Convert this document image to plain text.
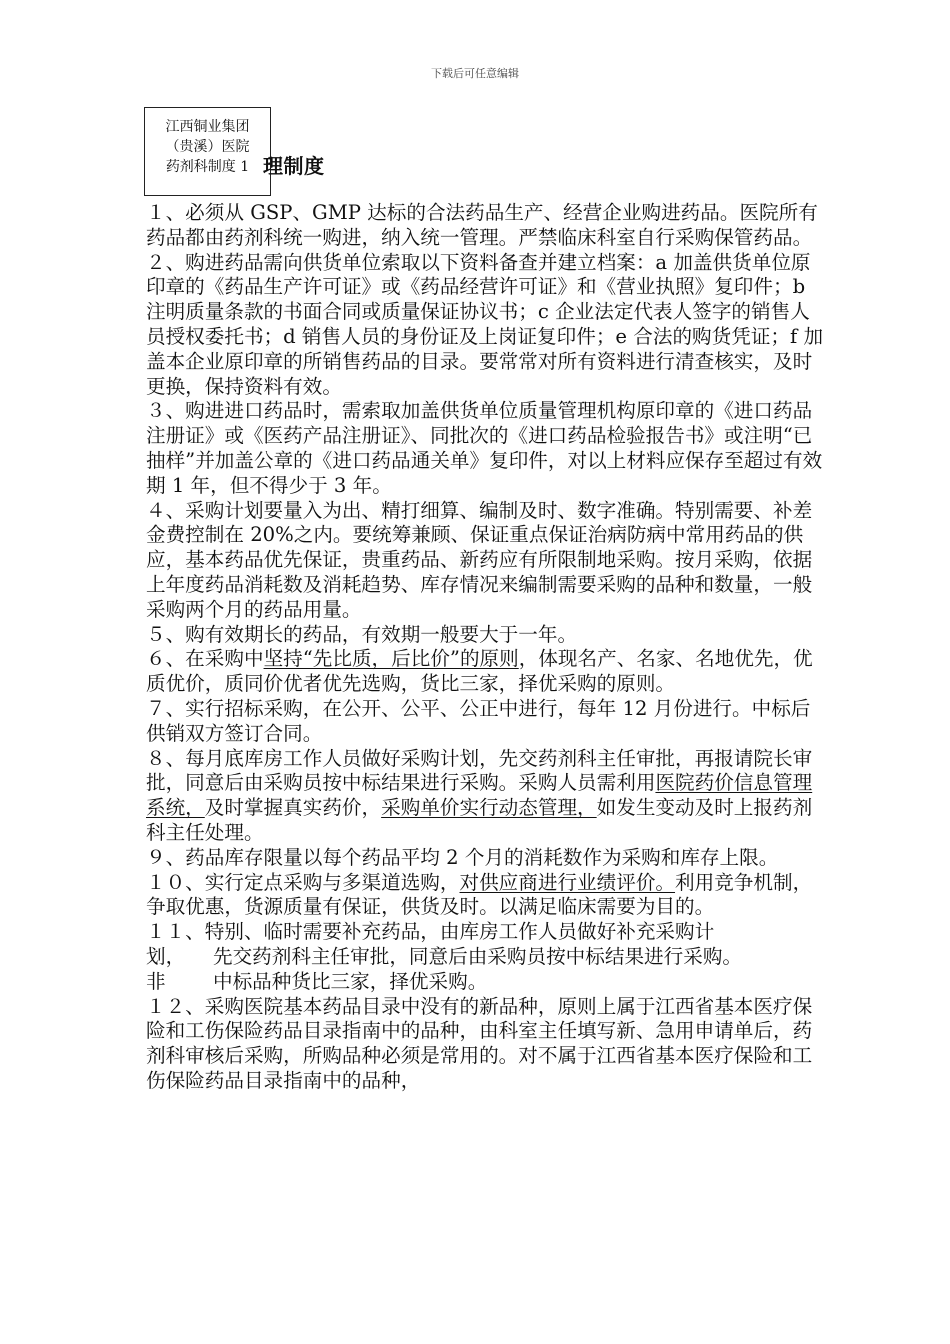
下载后可任意编辑
江西铜业集团
（贵溪）医院
药剂科制度 1 理制度

１、必须从 GSP、GMP 达标的合法药品生产、经营企业购进药品。医院所有药品都由药剂科统一购进，纳入统一管理。严禁临床科室自行采购保管药品。

２、购进药品需向供货单位索取以下资料备查并建立档案：a 加盖供货单位原印章的《药品生产许可证》或《药品经营许可证》和《营业执照》复印件；b 注明质量条款的书面合同或质量保证协议书；c 企业法定代表人签字的销售人员授权委托书；d 销售人员的身份证及上岗证复印件；e 合法的购货凭证；f 加盖本企业原印章的所销售药品的目录。要常常对所有资料进行清查核实，及时更换，保持资料有效。

３、购进进口药品时，需索取加盖供货单位质量管理机构原印章的《进口药品注册证》或《医药产品注册证》、同批次的《进口药品检验报告书》或注明“已抽样”并加盖公章的《进口药品通关单》复印件，对以上材料应保存至超过有效期 1 年，但不得少于 3 年。

４、采购计划要量入为出、精打细算、编制及时、数字准确。特别需要、补差金费控制在 20%之内。要统筹兼顾、保证重点保证治病防病中常用药品的供应，基本药品优先保证，贵重药品、新药应有所限制地采购。按月采购，依据上年度药品消耗数及消耗趋势、库存情况来编制需要采购的品种和数量，一般采购两个月的药品用量。

５、购有效期长的药品，有效期一般要大于一年。

６、在采购中坚持“先比质，后比价”的原则，体现名产、名家、名地优先，优质优价，质同价优者优先选购，货比三家，择优采购的原则。

７、实行招标采购，在公开、公平、公正中进行，每年 12 月份进行。中标后供销双方签订合同。

８、每月底库房工作人员做好采购计划，先交药剂科主任审批，再报请院长审批，同意后由采购员按中标结果进行采购。采购人员需利用医院药价信息管理系统，及时掌握真实药价，采购单价实行动态管理，如发生变动及时上报药剂科主任处理。

９、药品库存限量以每个药品平均 2 个月的消耗数作为采购和库存上限。

１０、实行定点采购与多渠道选购，对供应商进行业绩评价。利用竞争机制，争取优惠，货源质量有保证，供货及时。以满足临床需要为目的。

１１、特别、临时需要补充药品，由库房工作人员做好补充采购计
划，	先交药剂科主任审批，同意后由采购员按中标结果进行采购。
非	中标品种货比三家，择优采购。

１２、采购医院基本药品目录中没有的新品种，原则上属于江西省基本医疗保险和工伤保险药品目录指南中的品种，由科室主任填写新、急用申请单后，药剂科审核后采购，所购品种必须是常用的。对不属于江西省基本医疗保险和工伤保险药品目录指南中的品种，
